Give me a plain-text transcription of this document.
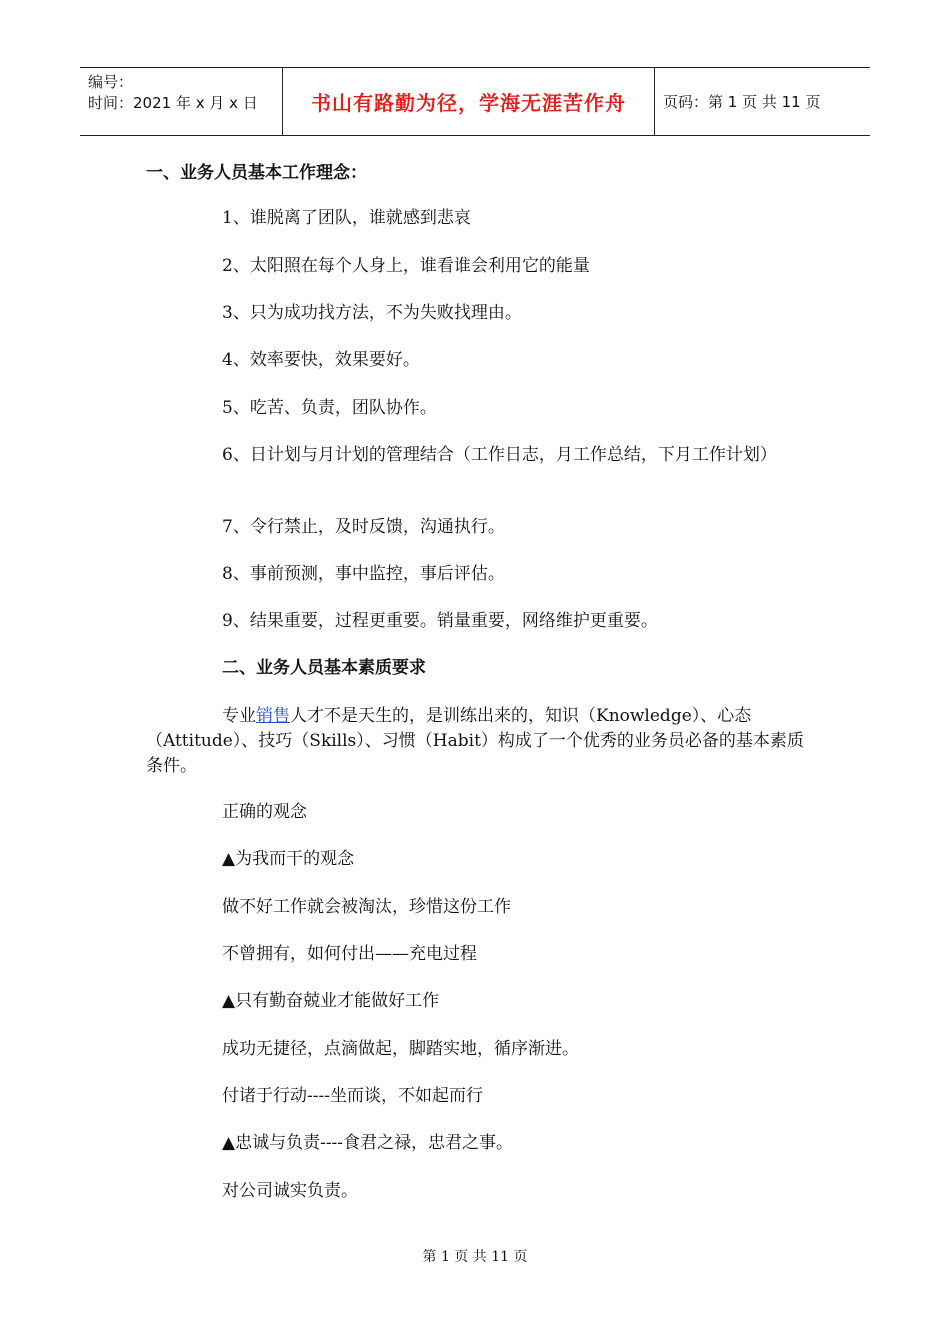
编号：
时间：2021 年 x 月 x 日	书山有路勤为径，学海无涯苦作舟	页码：第 1 页 共 11 页
一、业务人员基本工作理念：
1、谁脱离了团队，谁就感到悲哀
2、太阳照在每个人身上，谁看谁会利用它的能量
3、只为成功找方法，不为失败找理由。
4、效率要快，效果要好。
5、吃苦、负责，团队协作。
6、日计划与月计划的管理结合（工作日志，月工作总结，下月工作计划）
7、令行禁止，及时反馈，沟通执行。
8、事前预测，事中监控，事后评估。
9、结果重要，过程更重要。销量重要，网络维护更重要。
二、业务人员基本素质要求
专业销售人才不是天生的，是训练出来的，知识（Knowledge）、心态（Attitude）、技巧（Skills）、习惯（Habit）构成了一个优秀的业务员必备的基本素质条件。
正确的观念
▲为我而干的观念
做不好工作就会被淘汰，珍惜这份工作
不曾拥有，如何付出——充电过程
▲只有勤奋兢业才能做好工作
成功无捷径，点滴做起，脚踏实地，循序渐进。
付诸于行动----坐而谈，不如起而行
▲忠诚与负责----食君之禄，忠君之事。
对公司诚实负责。
第 1 页 共 11 页
